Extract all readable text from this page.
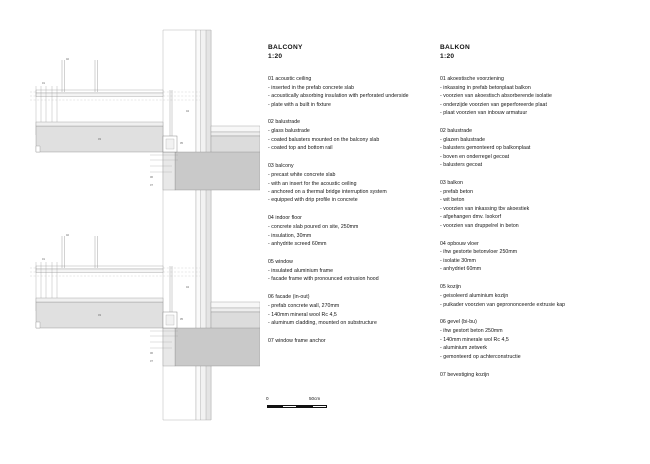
01
02
03
04
05
06
07
01
02
03
04
05
06
07
BALCONY
1:20

01 acoustic ceiling

- inserted in the prefab concrete slab

- acoustically absorbing insulation with perforated underside

- plate with a built in fixture

02 balustrade

- glass balustrade

- coated balusters mounted on the balcony slab

- coated top and bottom rail

03 balcony

- precast white concrete slab

- with an insert for the acoustic ceiling

- anchored on a thermal bridge interruption system

- equipped with drip profile in concrete

04 indoor floor

- concrete slab poured on site, 250mm

- insulation, 30mm

- anhydrite screed 60mm

05 window

- insulated aluminium frame

- facade frame with pronounced extrusion hood

06 facade (in-out)

- prefab concrete wall, 270mm

- 140mm mineral wool Rc 4,5

- aluminum cladding, mounted on substructure

07 window frame anchor

BALKON
1:20

01 akoestische voorziening

- inkassing in prefab betonplaat balkon

- voorzien van akoestisch absorberende isolatie

- onderzijde voorzien van geperforeerde plaat

- plaat voorzien van inbouw armatuur

02 balustrade

- glazen balustrade

- balusters gemonteerd op balkonplaat

- boven en onderregel gecoat

- balusters gecoat

03 balkon

- prefab beton

- wit beton

- voorzien van inkassing tbv akoestiek

- afgehangen dmv. Isokorf

- voorzien van druppelrel in beton

04 opbouw vloer

- ihw gestorte betonvloer 250mm

- isolatie 30mm

- anhydriet 60mm

05 kozijn

- geisoleerd aluminium kozijn

- puikader voorzien van geprononceerde extrusie kap

06 gevel (bi-bu)

- ihw gestort beton 250mm

- 140mm minerale wol Rc 4,5

- aluminium zetwerk

- gemonteerd op achterconstructie

07 bevestiging kozijn

0	50cm
